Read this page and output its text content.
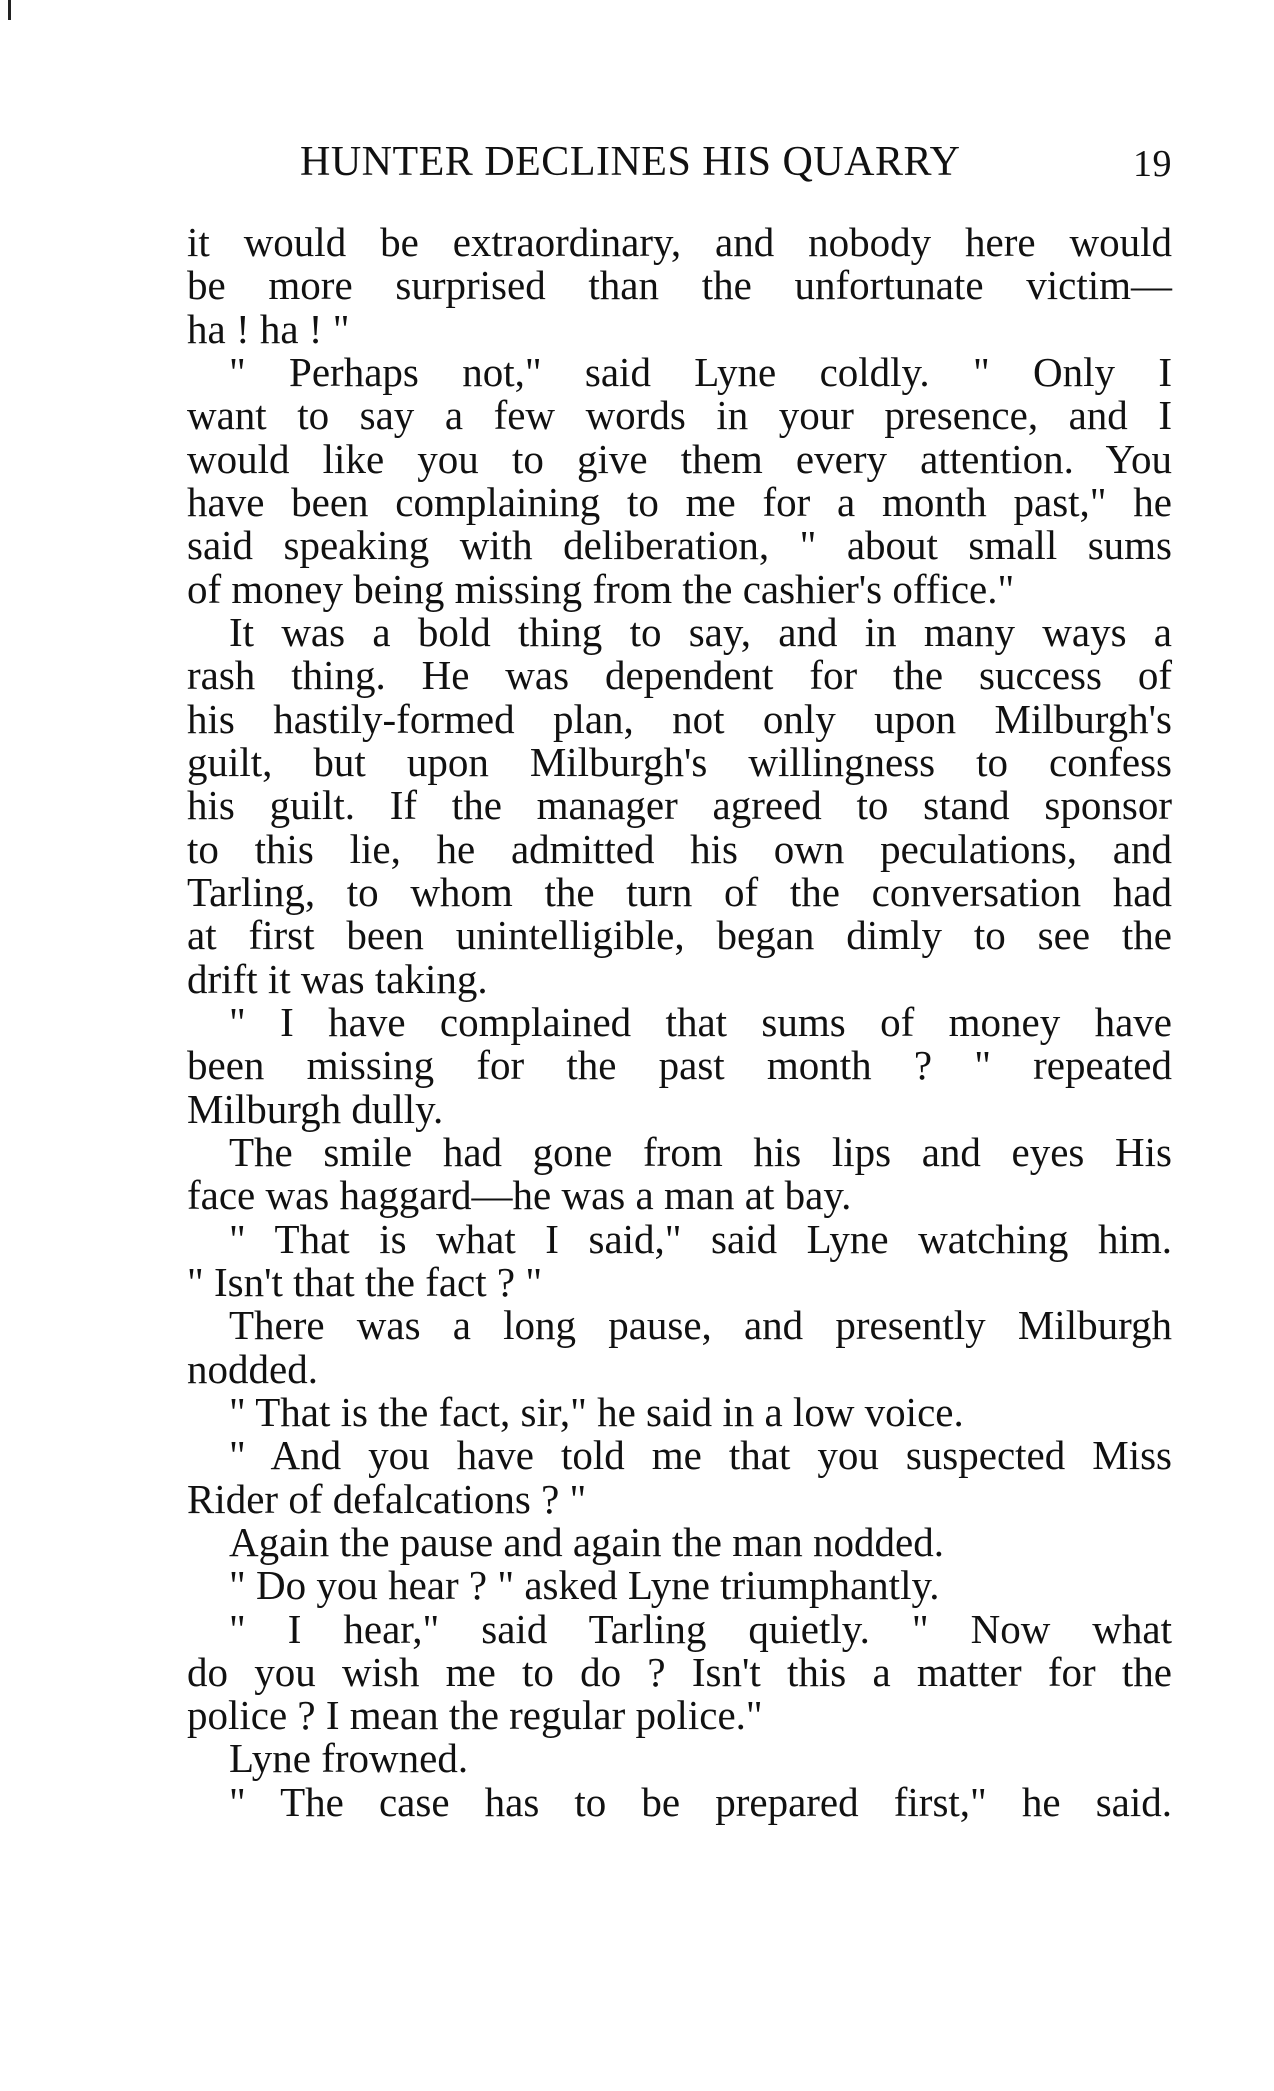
HUNTER DECLINES HIS QUARRY	19
it would be extraordinary, and nobody here would
be more surprised than the unfortunate victim—
ha ! ha ! "
" Perhaps not," said Lyne coldly. " Only I
want to say a few words in your presence, and I
would like you to give them every attention. You
have been complaining to me for a month past," he
said speaking with deliberation, " about small sums
of money being missing from the cashier's office."
It was a bold thing to say, and in many ways a
rash thing. He was dependent for the success of
his hastily-formed plan, not only upon Milburgh's
guilt, but upon Milburgh's willingness to confess
his guilt. If the manager agreed to stand sponsor
to this lie, he admitted his own peculations, and
Tarling, to whom the turn of the conversation had
at first been unintelligible, began dimly to see the
drift it was taking.
" I have complained that sums of money have
been missing for the past month ? " repeated
Milburgh dully.
The smile had gone from his lips and eyes His
face was haggard—he was a man at bay.
" That is what I said," said Lyne watching him.
" Isn't that the fact ? "
There was a long pause, and presently Milburgh
nodded.
" That is the fact, sir," he said in a low voice.
" And you have told me that you suspected Miss
Rider of defalcations ? "
Again the pause and again the man nodded.
" Do you hear ? " asked Lyne triumphantly.
" I hear," said Tarling quietly. " Now what
do you wish me to do ? Isn't this a matter for the
police ? I mean the regular police."
Lyne frowned.
" The case has to be prepared first," he said.
